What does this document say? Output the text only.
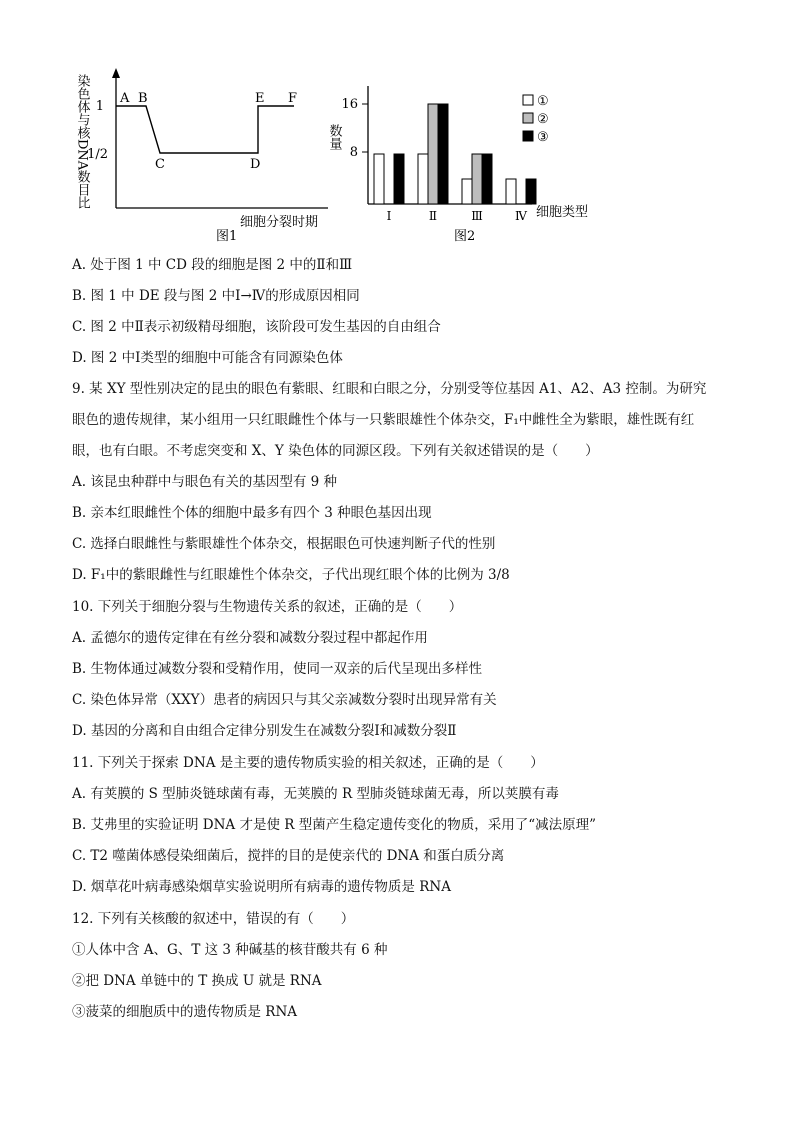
染色体与核DNA数目比 1
1/2
A B
C	D
E F
细胞分裂时期
图1
数量
16
8
Ⅰ	Ⅱ	Ⅲ	Ⅳ 细胞类型
①
②
③
图2
A. 处于图 1 中 CD 段的细胞是图 2 中的Ⅱ和Ⅲ
B. 图 1 中 DE 段与图 2 中Ⅰ→Ⅳ的形成原因相同
C. 图 2 中Ⅱ表示初级精母细胞，该阶段可发生基因的自由组合
D. 图 2 中Ⅰ类型的细胞中可能含有同源染色体
9. 某 XY 型性别决定的昆虫的眼色有紫眼、红眼和白眼之分，分别受等位基因 A1、A2、A3 控制。为研究
眼色的遗传规律，某小组用一只红眼雌性个体与一只紫眼雄性个体杂交，F₁中雌性全为紫眼，雄性既有红
眼，也有白眼。不考虑突变和 X、Y 染色体的同源区段。下列有关叙述错误的是（　　）
A. 该昆虫种群中与眼色有关的基因型有 9 种
B. 亲本红眼雌性个体的细胞中最多有四个 3 种眼色基因出现
C. 选择白眼雌性与紫眼雄性个体杂交，根据眼色可快速判断子代的性别
D. F₁中的紫眼雌性与红眼雄性个体杂交，子代出现红眼个体的比例为 3/8
10. 下列关于细胞分裂与生物遗传关系的叙述，正确的是（　　）
A. 孟德尔的遗传定律在有丝分裂和减数分裂过程中都起作用
B. 生物体通过减数分裂和受精作用，使同一双亲的后代呈现出多样性
C. 染色体异常（XXY）患者的病因只与其父亲减数分裂时出现异常有关
D. 基因的分离和自由组合定律分别发生在减数分裂Ⅰ和减数分裂Ⅱ
11. 下列关于探索 DNA 是主要的遗传物质实验的相关叙述，正确的是（　　）
A. 有荚膜的 S 型肺炎链球菌有毒，无荚膜的 R 型肺炎链球菌无毒，所以荚膜有毒
B. 艾弗里的实验证明 DNA 才是使 R 型菌产生稳定遗传变化的物质，采用了“减法原理”
C. T2 噬菌体感侵染细菌后，搅拌的目的是使亲代的 DNA 和蛋白质分离
D. 烟草花叶病毒感染烟草实验说明所有病毒的遗传物质是 RNA
12. 下列有关核酸的叙述中，错误的有（　　）
①人体中含 A、G、T 这 3 种碱基的核苷酸共有 6 种
②把 DNA 单链中的 T 换成 U 就是 RNA
③菠菜的细胞质中的遗传物质是 RNA
